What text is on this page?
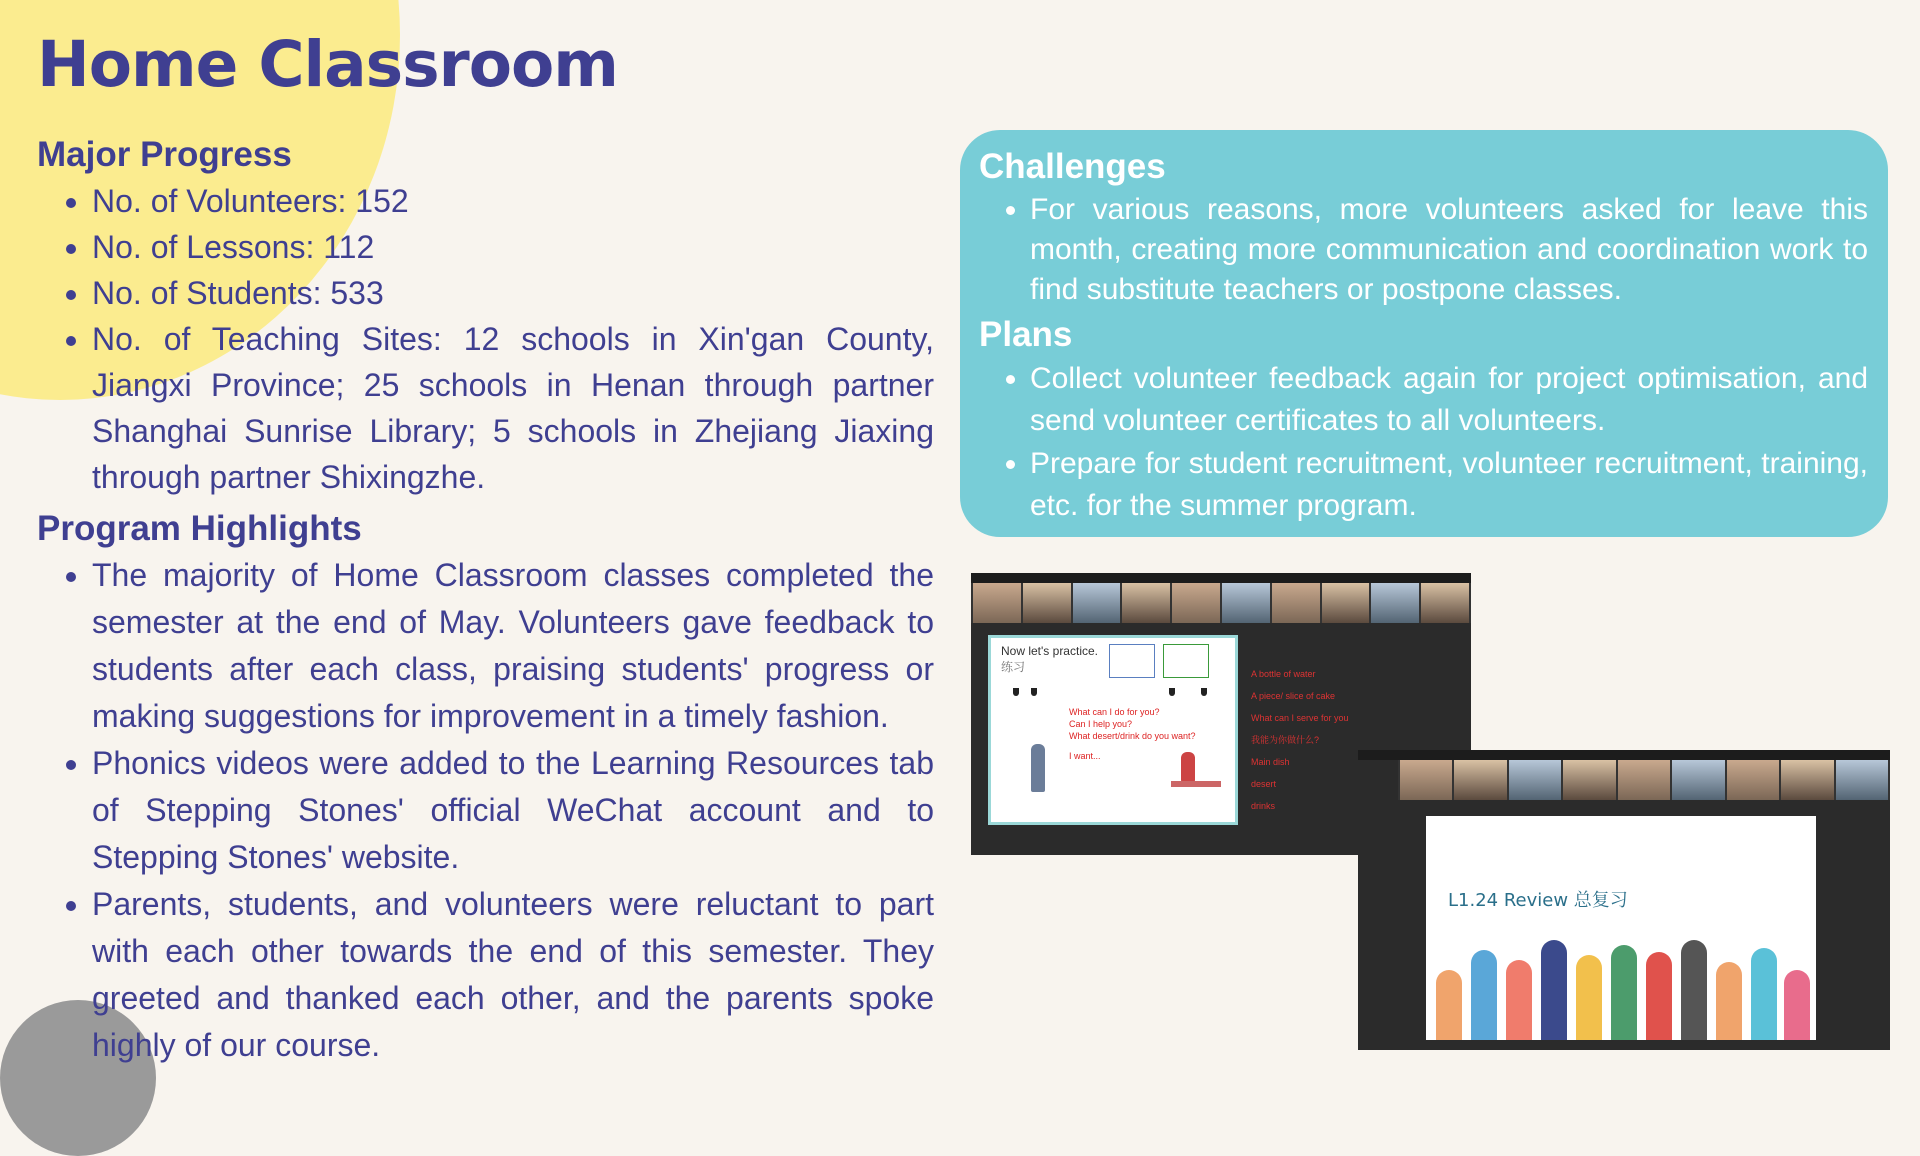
Home Classroom
Major Progress
• No. of Volunteers: 152
• No. of Lessons: 112
• No. of Students: 533
• No. of Teaching Sites: 12 schools in Xin'gan County, Jiangxi Province; 25 schools in Henan through partner Shanghai Sunrise Library; 5 schools in Zhejiang Jiaxing through partner Shixingzhe.
Program Highlights
• The majority of Home Classroom classes completed the semester at the end of May. Volunteers gave feedback to students after each class, praising students' progress or making suggestions for improvement in a timely fashion.
• Phonics videos were added to the Learning Resources tab of Stepping Stones' official WeChat account and to Stepping Stones' website.
• Parents, students, and volunteers were reluctant to part with each other towards the end of this semester. They greeted and thanked each other, and the parents spoke highly of our course.
Challenges
• For various reasons, more volunteers asked for leave this month, creating more communication and coordination work to find substitute teachers or postpone classes.
Plans
• Collect volunteer feedback again for project optimisation, and send volunteer certificates to all volunteers.
• Prepare for student recruitment, volunteer recruitment, training, etc. for the summer program.
Now let's practice.
练习
What can I do for you?
Can I help you?
What desert/drink do you want?
I want...
A bottle of water
A piece/ slice of cake
What can I serve for you
我能为你做什么?
Main dish
desert
drinks
L1.24 Review 总复习
